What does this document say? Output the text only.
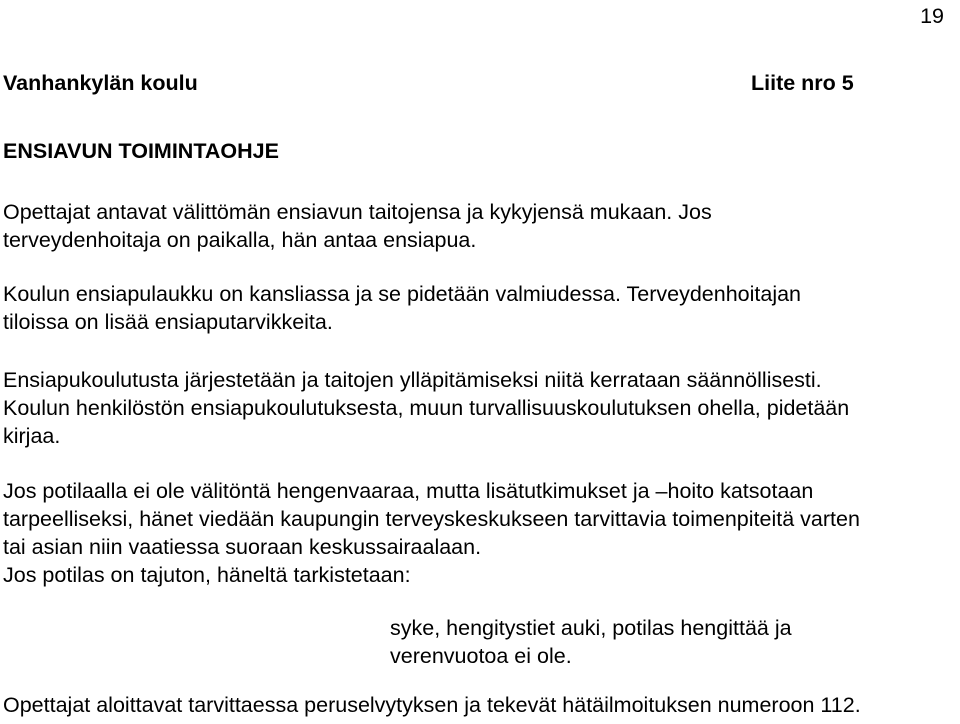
19
Vanhankylän koulu	Liite nro 5
ENSIAVUN TOIMINTAOHJE
Opettajat antavat välittömän ensiavun taitojensa ja kykyjensä mukaan. Jos
terveydenhoitaja on paikalla, hän antaa ensiapua.
Koulun ensiapulaukku on kansliassa ja se pidetään valmiudessa. Terveydenhoitajan
tiloissa on lisää ensiaputarvikkeita.
Ensiapukoulutusta järjestetään ja taitojen ylläpitämiseksi niitä kerrataan säännöllisesti.
Koulun henkilöstön ensiapukoulutuksesta, muun turvallisuuskoulutuksen ohella, pidetään
kirjaa.
Jos potilaalla ei ole välitöntä hengenvaaraa, mutta lisätutkimukset ja –hoito katsotaan
tarpeelliseksi, hänet viedään kaupungin terveyskeskukseen tarvittavia toimenpiteitä varten
tai asian niin vaatiessa suoraan keskussairaalaan.
Jos potilas on tajuton, häneltä tarkistetaan:
syke, hengitystiet auki, potilas hengittää ja
verenvuotoa ei ole.
Opettajat aloittavat tarvittaessa peruselvytyksen ja tekevät hätäilmoituksen numeroon 112.
